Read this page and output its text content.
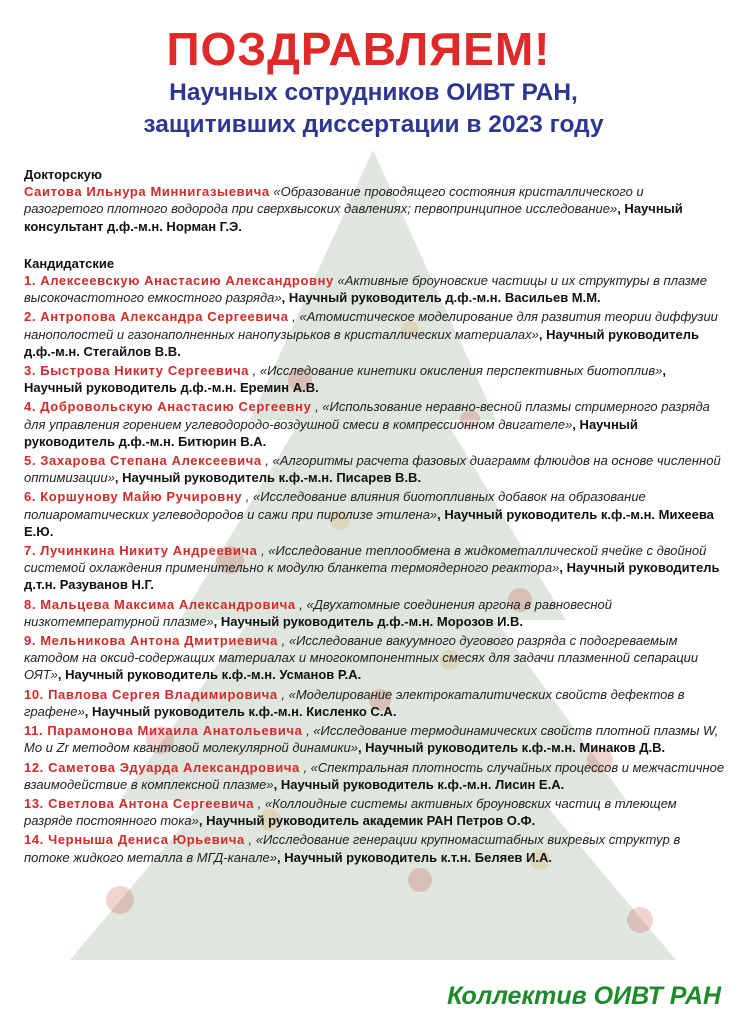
ПОЗДРАВЛЯЕМ!
Научных сотрудников ОИВТ РАН,
защитивших диссертации в 2023 году
Докторскую
Саитова Ильнура Миннигазыевича «Образование проводящего состояния кристаллического и разогретого плотного водорода при сверхвысоких давлениях; первопринципное исследование», Научный консультант д.ф.-м.н. Норман Г.Э.
Кандидатские
1. Алексеевскую Анастасию Александровну «Активные броуновские частицы и их структуры в плазме высокочастотного емкостного разряда», Научный руководитель д.ф.-м.н. Васильев М.М.
2. Антропова Александра Сергеевича , «Атомистическое моделирование для развития теории диффузии нанополостей и газонаполненных нанопузырьков в кристаллических материалах», Научный руководитель д.ф.-м.н. Стегайлов В.В.
3. Быстрова Никиту Сергеевича , «Исследование кинетики окисления перспективных биотоплив», Научный руководитель д.ф.-м.н. Еремин А.В.
4. Добровольскую Анастасию Сергеевну , «Использование неравно-весной плазмы стримерного разряда для управления горением углеводородо-воздушной смеси в компрессионном двигателе», Научный руководитель д.ф.-м.н. Битюрин В.А.
5. Захарова Степана Алексеевича , «Алгоритмы расчета фазовых диаграмм флюидов на основе численной оптимизации», Научный руководитель к.ф.-м.н. Писарев В.В.
6. Коршунову Майю Ручировну , «Исследование влияния биотопливных добавок на образование полиароматических углеводородов и сажи при пиролизе этилена», Научный руководитель к.ф.-м.н. Михеева Е.Ю.
7. Лучинкина Никиту Андреевича , «Исследование теплообмена в жидкометаллической ячейке с двойной системой охлаждения применительно к модулю бланкета термоядерного реактора», Научный руководитель д.т.н. Разуванов Н.Г.
8. Мальцева Максима Александровича , «Двухатомные соединения аргона в равновесной низкотемпературной плазме», Научный руководитель д.ф.-м.н. Морозов И.В.
9. Мельникова Антона Дмитриевича , «Исследование вакуумного дугового разряда с подогреваемым катодом на оксид-содержащих материалах и многокомпонентных смесях для задачи плазменной сепарации ОЯТ», Научный руководитель к.ф.-м.н. Усманов Р.А.
10. Павлова Сергея Владимировича , «Моделирование электрокаталитических свойств дефектов в графене», Научный руководитель к.ф.-м.н. Кисленко С.А.
11. Парамонова Михаила Анатольевича , «Исследование термодинамических свойств плотной плазмы W, Mo и Zr методом квантовой молекулярной динамики», Научный руководитель к.ф.-м.н. Минаков Д.В.
12. Саметова Эдуарда Александровича , «Спектральная плотность случайных процессов и межчастичное взаимодействие в комплексной плазме», Научный руководитель к.ф.-м.н. Лисин Е.А.
13. Светлова Антона Сергеевича , «Коллоидные системы активных броуновских частиц в тлеющем разряде постоянного тока», Научный руководитель академик РАН Петров О.Ф.
14. Черныша Дениса Юрьевича , «Исследование генерации крупномасштабных вихревых структур в потоке жидкого металла в МГД-канале», Научный руководитель к.т.н. Беляев И.А.
Коллектив ОИВТ РАН
